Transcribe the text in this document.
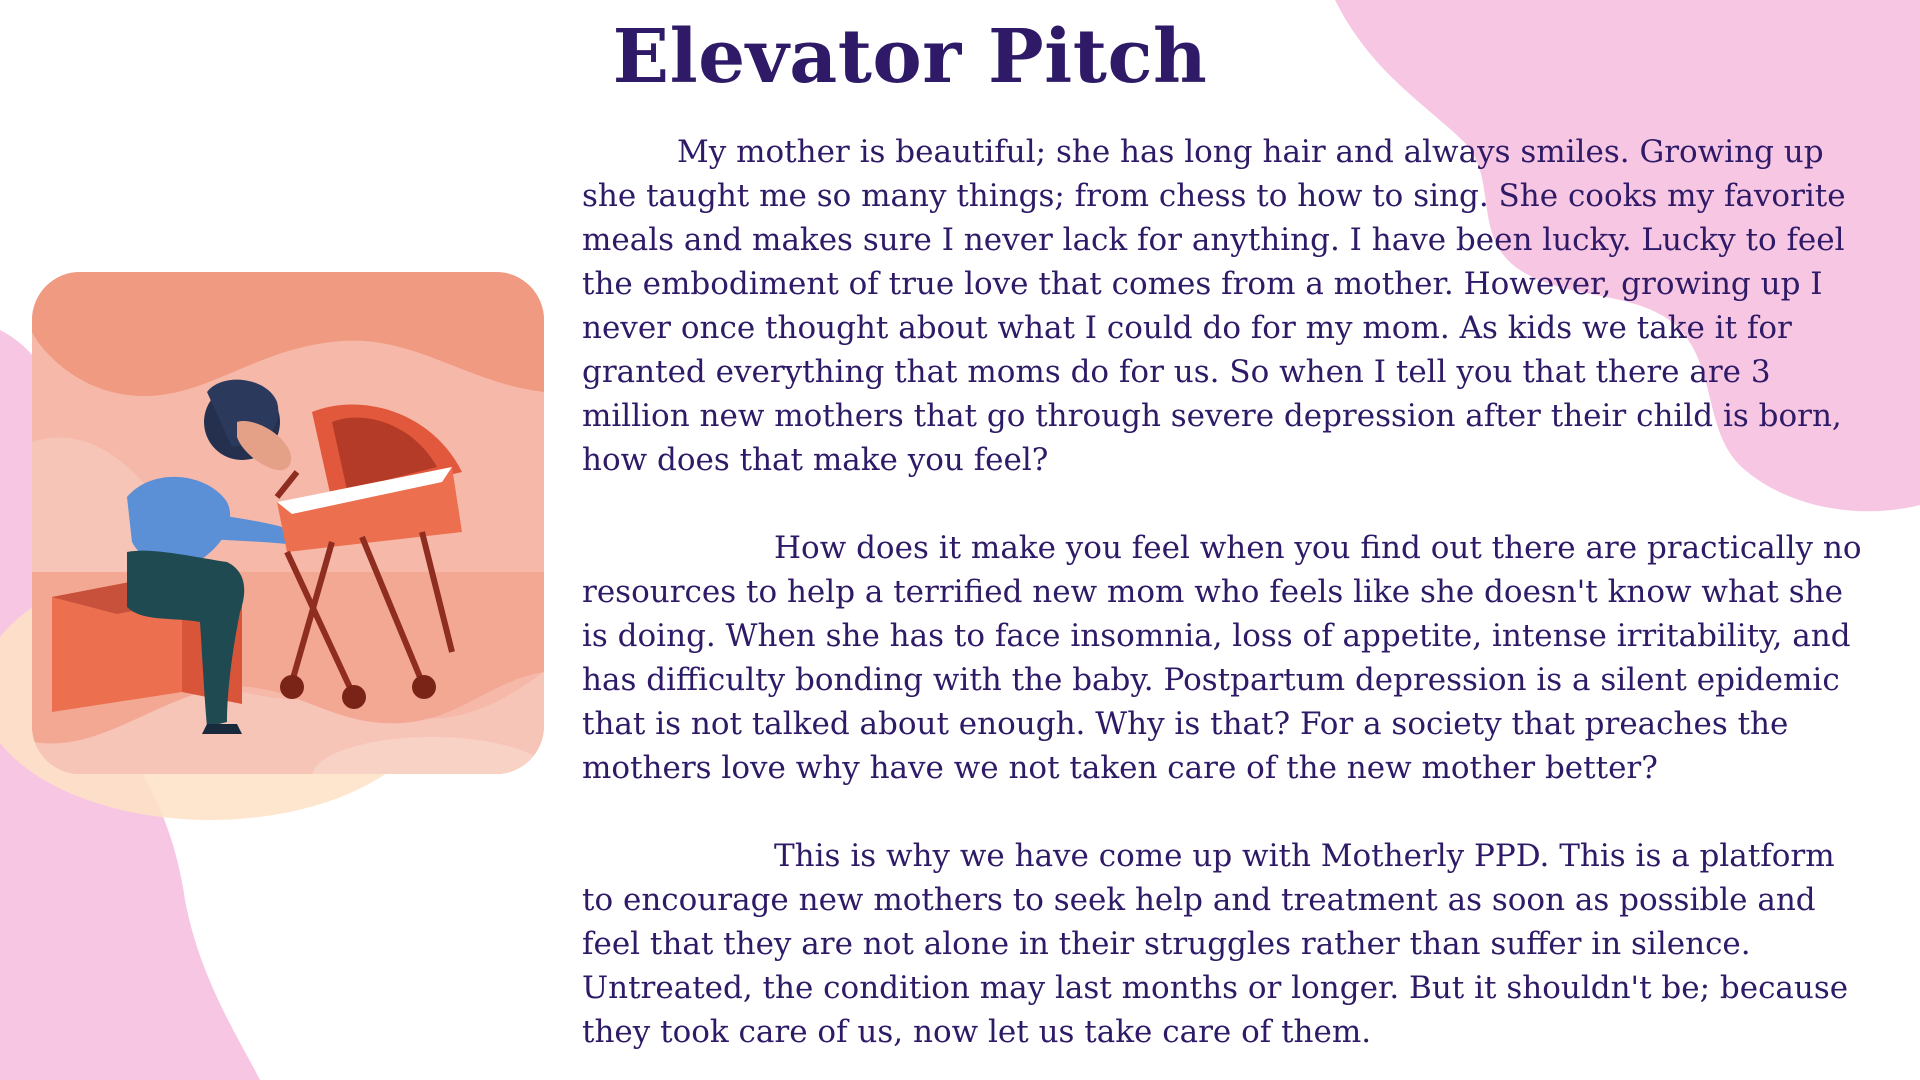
Elevator Pitch

My mother is beautiful; she has long hair and always smiles. Growing up she taught me so many things; from chess to how to sing. She cooks my favorite meals and makes sure I never lack for anything. I have been lucky. Lucky to feel the embodiment of true love that comes from a mother. However, growing up I never once thought about what I could do for my mom. As kids we take it for granted everything that moms do for us. So when I tell you that there are 3 million new mothers that go through severe depression after their child is born, how does that make you feel?

How does it make you feel when you find out there are practically no resources to help a terrified new mom who feels like she doesn't know what she is doing. When she has to face insomnia, loss of appetite, intense irritability, and has difficulty bonding with the baby. Postpartum depression is a silent epidemic that is not talked about enough. Why is that? For a society that preaches the mothers love why have we not taken care of the new mother better?

This is why we have come up with Motherly PPD. This is a platform to encourage new mothers to seek help and treatment as soon as possible and feel that they are not alone in their struggles rather than suffer in silence. Untreated, the condition may last months or longer. But it shouldn't be; because they took care of us, now let us take care of them.
